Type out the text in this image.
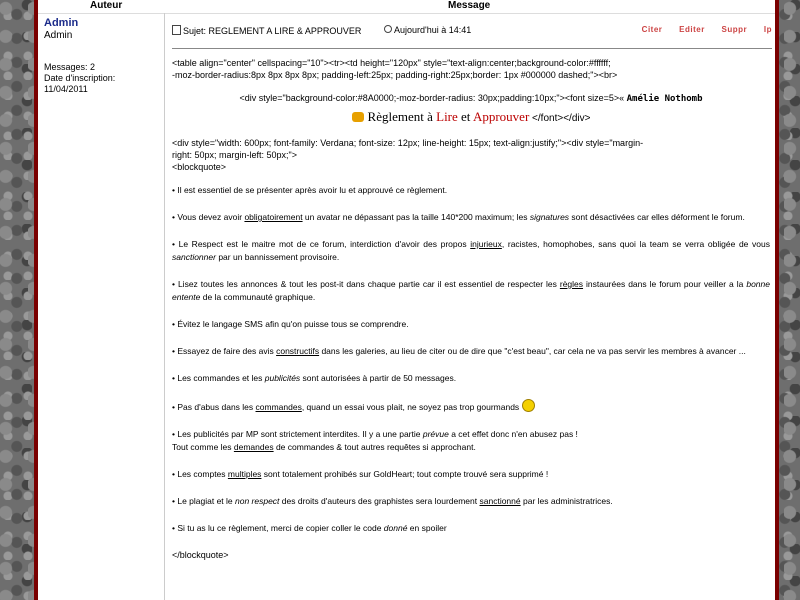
Auteur	Message
Admin
Admin
Messages: 2
Date d'inscription:
11/04/2011
Sujet: REGLEMENT A LIRE & APPROUVER	Aujourd'hui à 14:41	Citer Editer Suppr Ip
<table align="center" cellspacing="10"><tr><td height="120px" style="text-align:center;background-color:#ffffff;
-moz-border-radius:8px 8px 8px 8px; padding-left:25px; padding-right:25px;border: 1px #000000 dashed;"><br>
<div style="background-color:#8A0000;-moz-border-radius: 30px;padding:10px;"><font size=5>« Amélie Nothomb
Règlement à Lire et Approuver </font></div>
<div style="width: 600px; font-family: Verdana; font-size: 12px; line-height: 15px; text-align:justify;"><div style="margin-
right: 50px; margin-left: 50px;">
<blockquote>
• Il est essentiel de se présenter après avoir lu et approuvé ce règlement.
• Vous devez avoir obligatoirement un avatar ne dépassant pas la taille 140*200 maximum; les signatures sont désactivées car elles déforment le forum.
• Le Respect est le maitre mot de ce forum, interdiction d'avoir des propos injurieux, racistes, homophobes, sans quoi la team se verra obligée de vous sanctionner par un bannissement provisoire.
• Lisez toutes les annonces & tout les post-it dans chaque partie car il est essentiel de respecter les règles instaurées dans le forum pour veiller a la bonne entente de la communauté graphique.
• Évitez le langage SMS afin qu'on puisse tous se comprendre.
• Essayez de faire des avis constructifs dans les galeries, au lieu de citer ou de dire que "c'est beau", car cela ne va pas servir les membres à avancer ...
• Les commandes et les publicités sont autorisées à partir de 50 messages.
• Pas d'abus dans les commandes, quand un essai vous plait, ne soyez pas trop gourmands
• Les publicités par MP sont strictement interdites. Il y a une partie prévue a cet effet donc n'en abusez pas !
Tout comme les demandes de commandes & tout autres requêtes si approchant.
• Les comptes multiples sont totalement prohibés sur GoldHeart; tout compte trouvé sera supprimé !
• Le plagiat et le non respect des droits d'auteurs des graphistes sera lourdement sanctionné par les administratrices.
• Si tu as lu ce règlement, merci de copier coller le code donné en spoiler
</blockquote>
